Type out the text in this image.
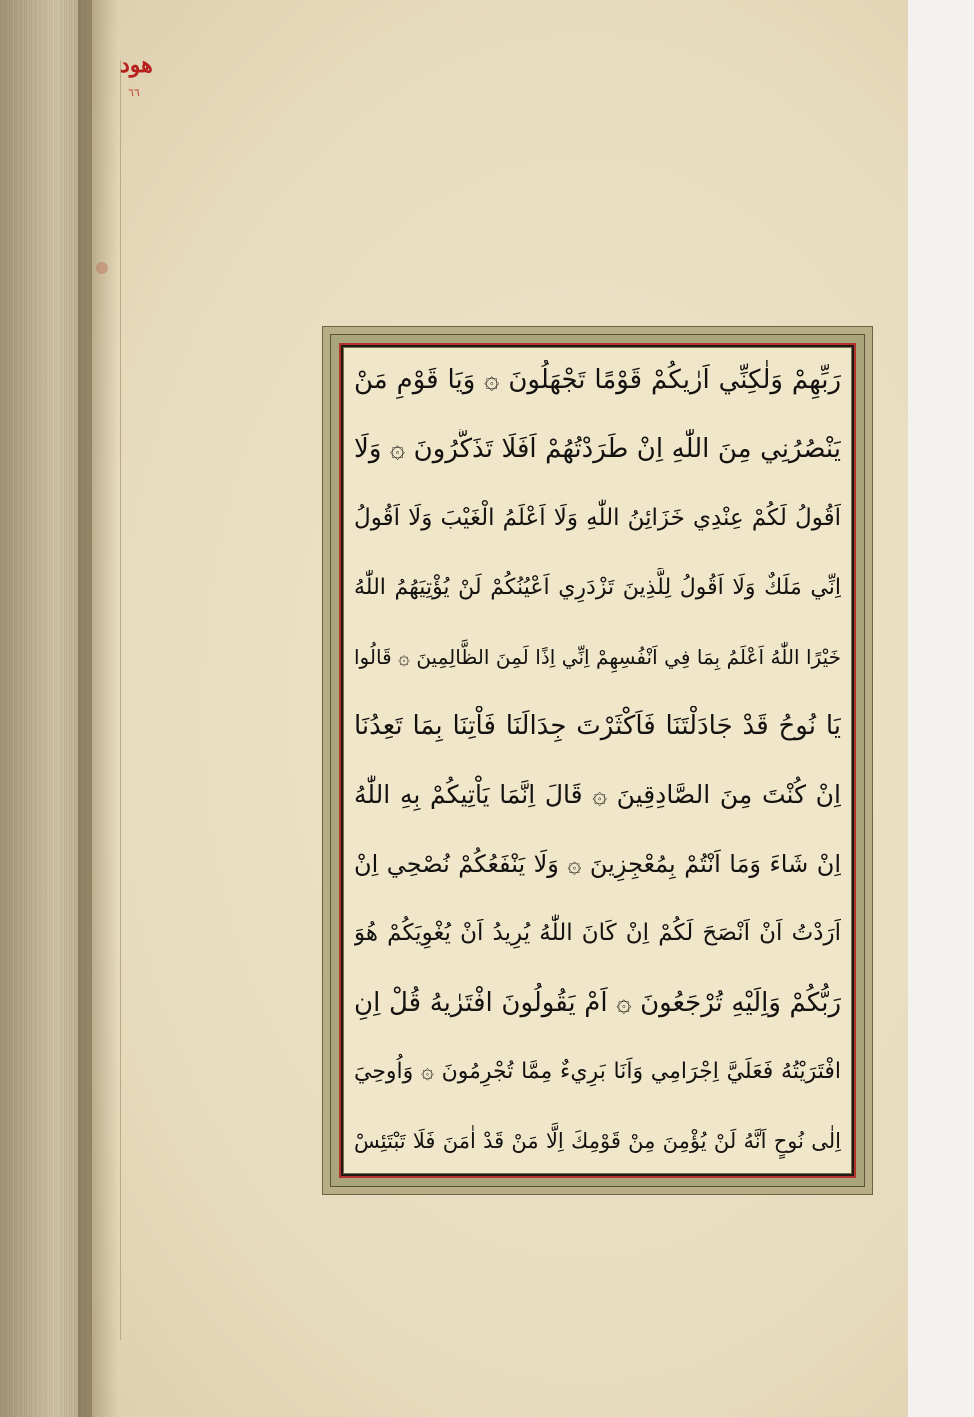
هود
٦٦
رَبِّهِمْ وَلٰكِنِّي اَرٰيكُمْ قَوْمًا تَجْهَلُونَ ۞ وَيَا قَوْمِ مَنْ
يَنْصُرُنِي مِنَ اللّٰهِ اِنْ طَرَدْتُهُمْ اَفَلَا تَذَكَّرُونَ ۞ وَلَا
اَقُولُ لَكُمْ عِنْدِي خَزَائِنُ اللّٰهِ وَلَا اَعْلَمُ الْغَيْبَ وَلَا اَقُولُ
اِنِّي مَلَكٌ وَلَا اَقُولُ لِلَّذِينَ تَزْدَرِي اَعْيُنُكُمْ لَنْ يُؤْتِيَهُمُ اللّٰهُ
خَيْرًا اللّٰهُ اَعْلَمُ بِمَا فِي اَنْفُسِهِمْ اِنِّي اِذًا لَمِنَ الظَّالِمِينَ ۞ قَالُوا
يَا نُوحُ قَدْ جَادَلْتَنَا فَاَكْثَرْتَ جِدَالَنَا فَاْتِنَا بِمَا تَعِدُنَا
اِنْ كُنْتَ مِنَ الصَّادِقِينَ ۞ قَالَ اِنَّمَا يَاْتِيكُمْ بِهِ اللّٰهُ
اِنْ شَاءَ وَمَا اَنْتُمْ بِمُعْجِزِينَ ۞ وَلَا يَنْفَعُكُمْ نُصْحِي اِنْ
اَرَدْتُ اَنْ اَنْصَحَ لَكُمْ اِنْ كَانَ اللّٰهُ يُرِيدُ اَنْ يُغْوِيَكُمْ هُوَ
رَبُّكُمْ وَاِلَيْهِ تُرْجَعُونَ ۞ اَمْ يَقُولُونَ افْتَرٰيهُ قُلْ اِنِ
افْتَرَيْتُهُ فَعَلَيَّ اِجْرَامِي وَاَنَا بَرِيءٌ مِمَّا تُجْرِمُونَ ۞ وَاُوحِيَ
اِلٰى نُوحٍ اَنَّهُ لَنْ يُؤْمِنَ مِنْ قَوْمِكَ اِلَّا مَنْ قَدْ اٰمَنَ فَلَا تَبْتَئِسْ
